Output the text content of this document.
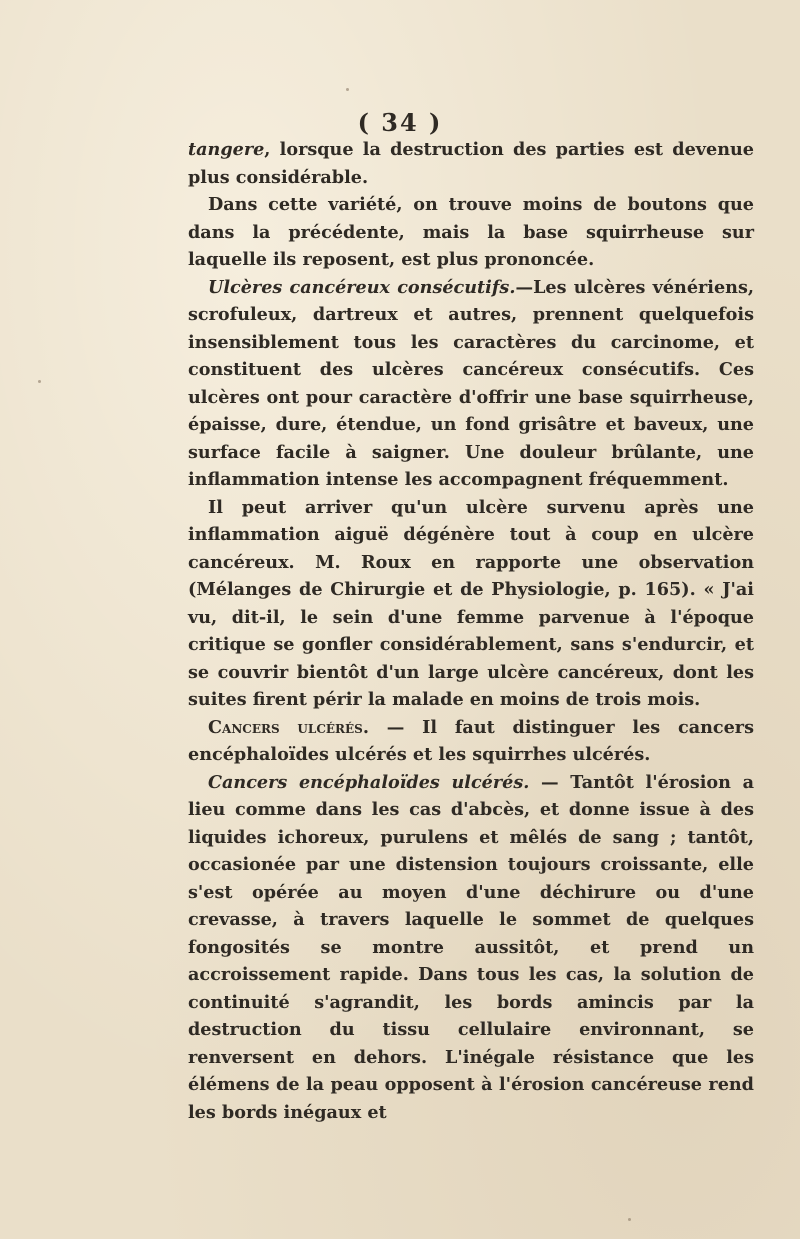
( 34 )

tangere, lorsque la destruction des parties est devenue plus considérable.

Dans cette variété, on trouve moins de boutons que dans la précédente, mais la base squirrheuse sur laquelle ils reposent, est plus prononcée.

Ulcères cancéreux consécutifs.—Les ulcères vénériens, scrofuleux, dartreux et autres, prennent quelquefois insensiblement tous les caractères du carcinome, et constituent des ulcères cancéreux consécutifs. Ces ulcères ont pour caractère d'offrir une base squirrheuse, épaisse, dure, étendue, un fond grisâtre et baveux, une surface facile à saigner. Une douleur brûlante, une inflammation intense les accompagnent fréquemment.

Il peut arriver qu'un ulcère survenu après une inflammation aiguë dégénère tout à coup en ulcère cancéreux. M. Roux en rapporte une observation (Mélanges de Chirurgie et de Physiologie, p. 165). « J'ai vu, dit-il, le sein d'une femme parvenue à l'époque critique se gonfler considérablement, sans s'endurcir, et se couvrir bientôt d'un large ulcère cancéreux, dont les suites firent périr la malade en moins de trois mois.

Cancers ulcérés. — Il faut distinguer les cancers encéphaloïdes ulcérés et les squirrhes ulcérés.

Cancers encéphaloïdes ulcérés. — Tantôt l'érosion a lieu comme dans les cas d'abcès, et donne issue à des liquides ichoreux, purulens et mêlés de sang ; tantôt, occasionée par une distension toujours croissante, elle s'est opérée au moyen d'une déchirure ou d'une crevasse, à travers laquelle le sommet de quelques fongosités se montre aussitôt, et prend un accroissement rapide. Dans tous les cas, la solution de continuité s'agrandit, les bords amincis par la destruction du tissu cellulaire environnant, se renversent en dehors. L'inégale résistance que les élémens de la peau opposent à l'érosion cancéreuse rend les bords inégaux et
